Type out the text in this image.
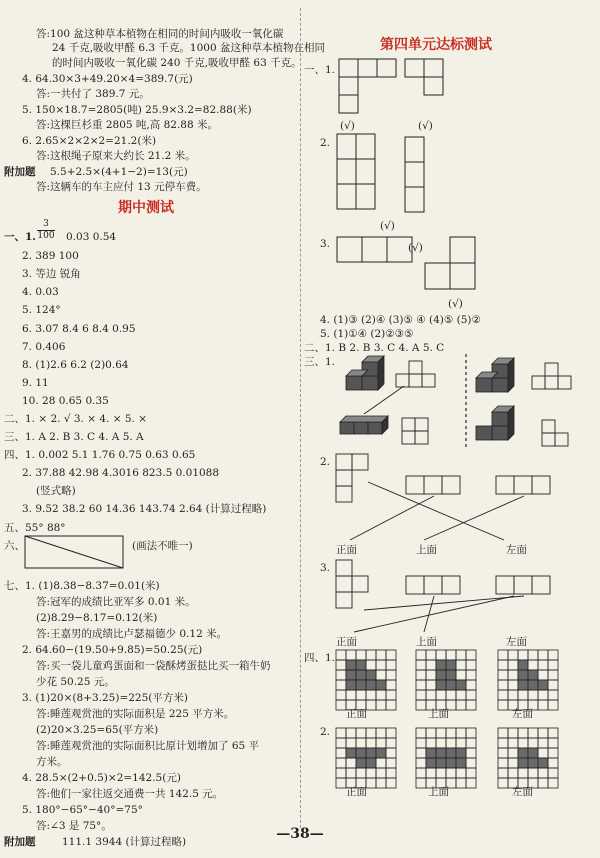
答:100 盆这种草本植物在相同的时间内吸收一氧化碳
24 千克,吸收甲醛 6.3 千克。1000 盆这种草本植物在相同
的时间内吸收一氧化碳 240 千克,吸收甲醛 63 千克。
4. 64.30×3+49.20×4=389.7(元)
答:一共付了 389.7 元。
5. 150×18.7=2805(吨) 25.9×3.2=82.88(米)
答:这棵巨杉重 2805 吨,高 82.88 米。
6. 2.65×2×2×2=21.2(米)
答:这根绳子原来大约长 21.2 米。
附加题 5.5+2.5×(4+1−2)=13(元)
答:这辆车的车主应付 13 元停车费。
期中测试
一、1.
3
100 0.03 0.54
2. 389 100
3. 等边 锐角
4. 0.03
5. 124°
6. 3.07 8.4 6 8.4 0.95
7. 0.406
8. (1)2.6 6.2 (2)0.64
9. 11
10. 28 0.65 0.35
二、1. × 2. √ 3. × 4. × 5. ×
三、1. A 2. B 3. C 4. A 5. A
四、1. 0.002 5.1 1.76 0.75 0.63 0.65
2. 37.88 42.98 4.3016 823.5 0.01088
(竖式略)
3. 9.52 38.2 60 14.36 143.74 2.64 (计算过程略)
五、55° 88°
六、	(画法不唯一)
七、1. (1)8.38−8.37=0.01(米)
答:冠军的成绩比亚军多 0.01 米。
(2)8.29−8.17=0.12(米)
答:王嘉男的成绩比卢瑟福德少 0.12 米。
2. 64.60−(19.50+9.85)=50.25(元)
答:买一袋儿童鸡蛋面和一袋酥烤蛋挞比买一箱牛奶
少花 50.25 元。
3. (1)20×(8+3.25)=225(平方米)
答:睡莲观赏池的实际面积是 225 平方米。
(2)20×3.25=65(平方米)
答:睡莲观赏池的实际面积比原计划增加了 65 平
方米。
4. 28.5×(2+0.5)×2=142.5(元)
答:他们一家往返交通费一共 142.5 元。
5. 180°−65°−40°=75°
答:∠3 是 75°。
附加题	111.1 3944 (计算过程略)
第四单元达标测试
一、1.
(√)
(√)
2.
(√)
3.	(√)
(√)
4. (1)③ (2)④ (3)⑤ ④ (4)⑤ (5)②
5. (1)①④ (2)②③⑤
二、1. B 2. B 3. C 4. A 5. C
三、1.
2.
正面	上面	左面
3.
正面	上面	左面
四、1.
2.
正面	上面	左面
正面	上面	左面
—38—
